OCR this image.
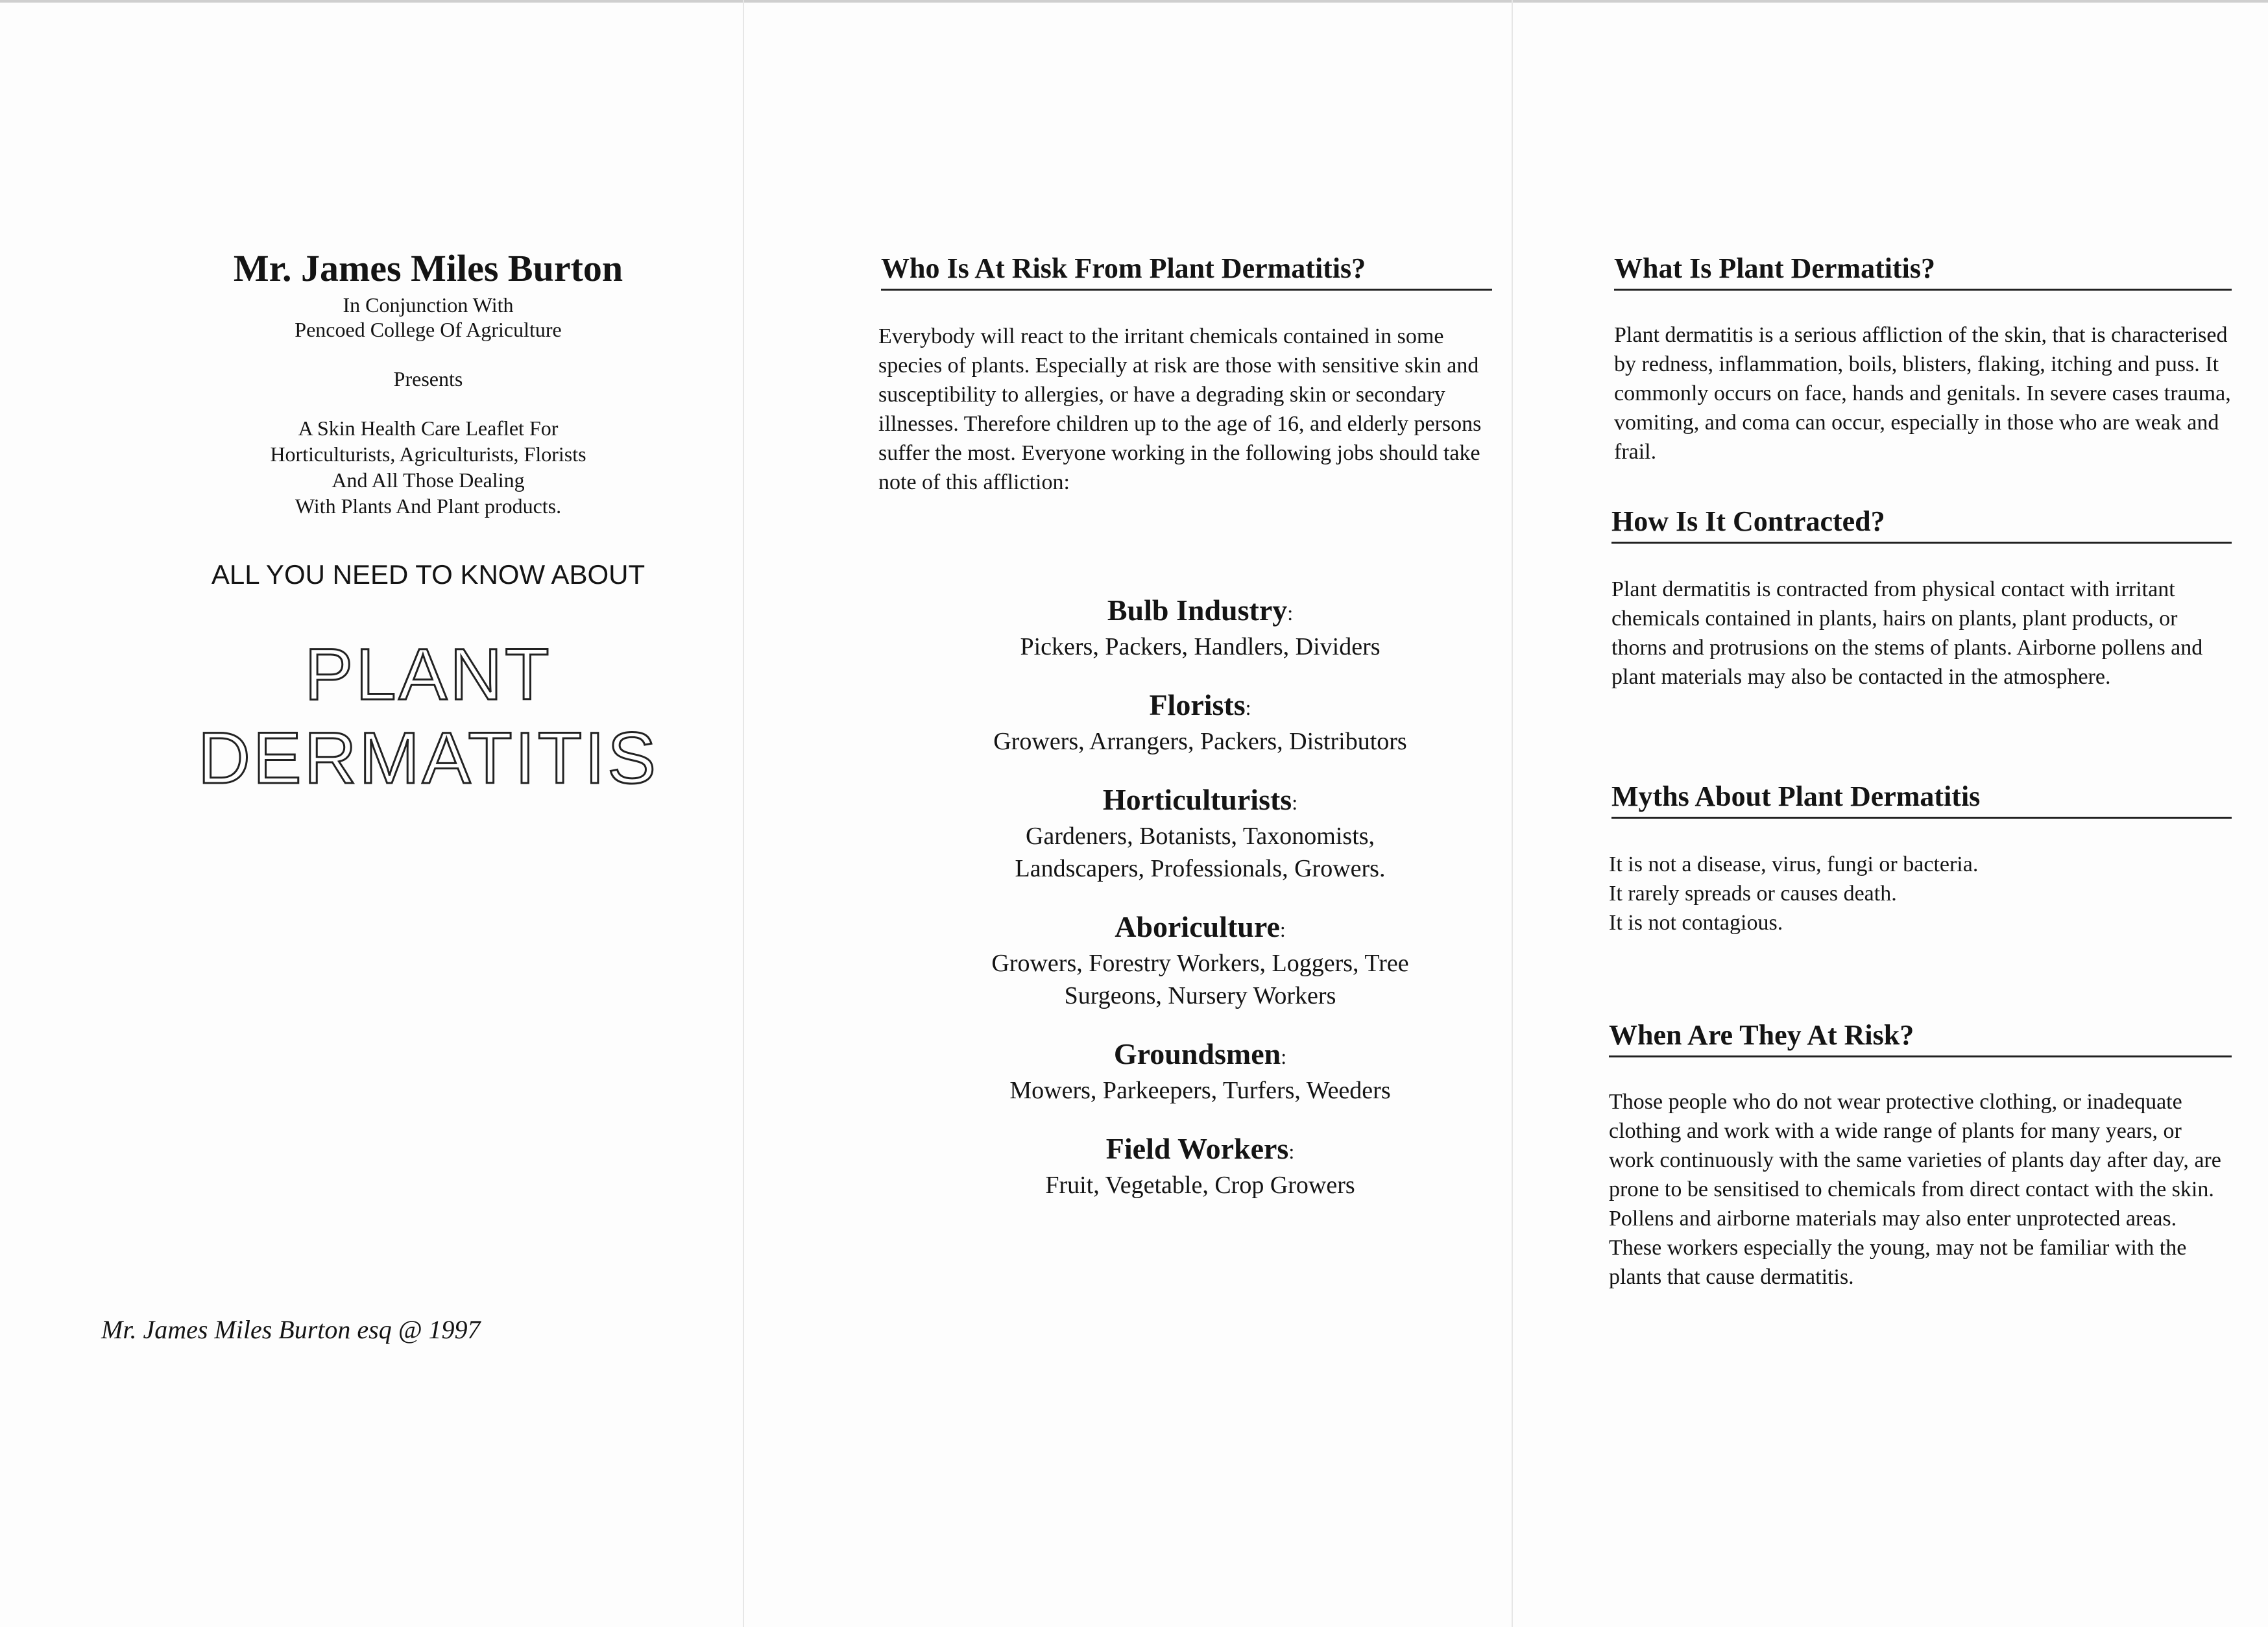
Mr. James Miles Burton
In Conjunction With
Pencoed College Of Agriculture
Presents
A Skin Health Care Leaflet For
Horticulturists, Agriculturists, Florists
And All Those Dealing
With Plants And Plant products.
ALL YOU NEED TO KNOW ABOUT
PLANT DERMATITIS
Mr. James Miles Burton esq @ 1997
Who Is At Risk From Plant Dermatitis?

Everybody will react to the irritant chemicals contained in some species of plants. Especially at risk are those with sensitive skin and susceptibility to allergies, or have a degrading skin or secondary illnesses. Therefore children up to the age of 16, and elderly persons suffer the most. Everyone working in the following jobs should take note of this affliction:

Bulb Industry:
Pickers, Packers, Handlers, Dividers
Florists:
Growers, Arrangers, Packers, Distributors
Horticulturists:
Gardeners, Botanists, Taxonomists, Landscapers, Professionals, Growers.
Aboriculture:
Growers, Forestry Workers, Loggers, Tree Surgeons, Nursery Workers
Groundsmen:
Mowers, Parkeepers, Turfers, Weeders
Field Workers:
Fruit, Vegetable, Crop Growers
What Is Plant Dermatitis?

Plant dermatitis is a serious affliction of the skin, that is characterised by redness, inflammation, boils, blisters, flaking, itching and puss. It commonly occurs on face, hands and genitals. In severe cases trauma, vomiting, and coma can occur, especially in those who are weak and frail.

How Is It Contracted?

Plant dermatitis is contracted from physical contact with irritant chemicals contained in plants, hairs on plants, plant products, or thorns and protrusions on the stems of plants. Airborne pollens and plant materials may also be contacted in the atmosphere.

Myths About Plant Dermatitis

It is not a disease, virus, fungi or bacteria.

It rarely spreads or causes death.

It is not contagious.

When Are They At Risk?

Those people who do not wear protective clothing, or inadequate clothing and work with a wide range of plants for many years, or work continuously with the same varieties of plants day after day, are prone to be sensitised to chemicals from direct contact with the skin. Pollens and airborne materials may also enter unprotected areas. These workers especially the young, may not be familiar with the plants that cause dermatitis.
